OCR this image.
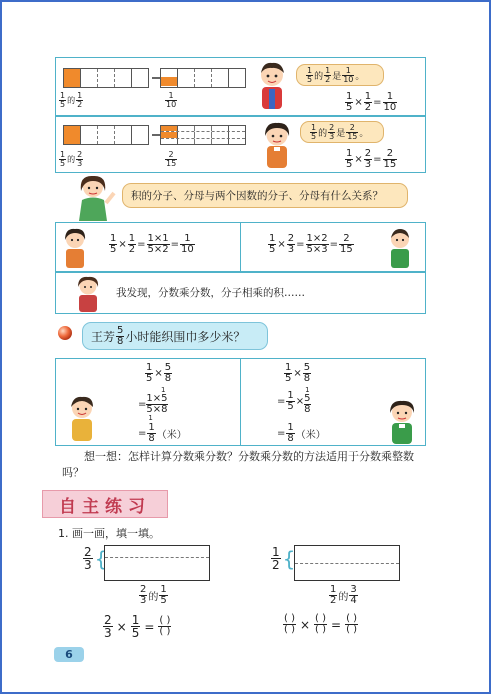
$\frac{1}{5}$ 的 $\frac{1}{2}$	$\frac{1}{10}$
$\frac{1}{5}$ 的 $\frac{1}{2}$ 是 $\frac{1}{10}$ 。
$\frac{1}{5} \times \frac{1}{2} = \frac{1}{10}$
$\frac{1}{5}$ 的 $\frac{2}{3}$	$\frac{2}{15}$
$\frac{1}{5}$ 的 $\frac{2}{3}$ 是 $\frac{2}{15}$ 。
$\frac{1}{5} \times \frac{2}{3} = \frac{2}{15}$
积的分子、分母与两个因数的分子、分母有什么关系？
$\frac{1}{5} \times \frac{1}{2} = \frac{1\times 1}{5\times 2} = \frac{1}{10}$	$\frac{1}{5} \times \frac{2}{3} = \frac{1\times 2}{5\times 3} = \frac{2}{15}$
我发现，分数乘分数，分子相乘的积……
王芳 $\frac{5}{8}$ 小时能织围巾多少米？
$\frac{1}{5} \times \frac{5}{8}$
=
1
1×5
5×8
1
= $\frac{1}{8}$ （米）
$\frac{1}{5} \times \frac{5}{8}$
= $\frac{1}{5}$ ×
1
5
8
= $\frac{1}{8}$ （米）
想一想：怎样计算分数乘分数？分数乘分数的方法适用于分数乘整数吗？
自主练习
1. 画一画，填一填。
$\frac{2}{3}$ {
$\frac{2}{3}$ 的 $\frac{1}{5}$
$\frac{2}{3} \times \frac{1}{5} = \frac{( )}{( )}$
$\frac{1}{2}$ {
$\frac{1}{2}$ 的 $\frac{3}{4}$
$\frac{( )}{( )} \times \frac{( )}{( )} = \frac{( )}{( )}$
6
